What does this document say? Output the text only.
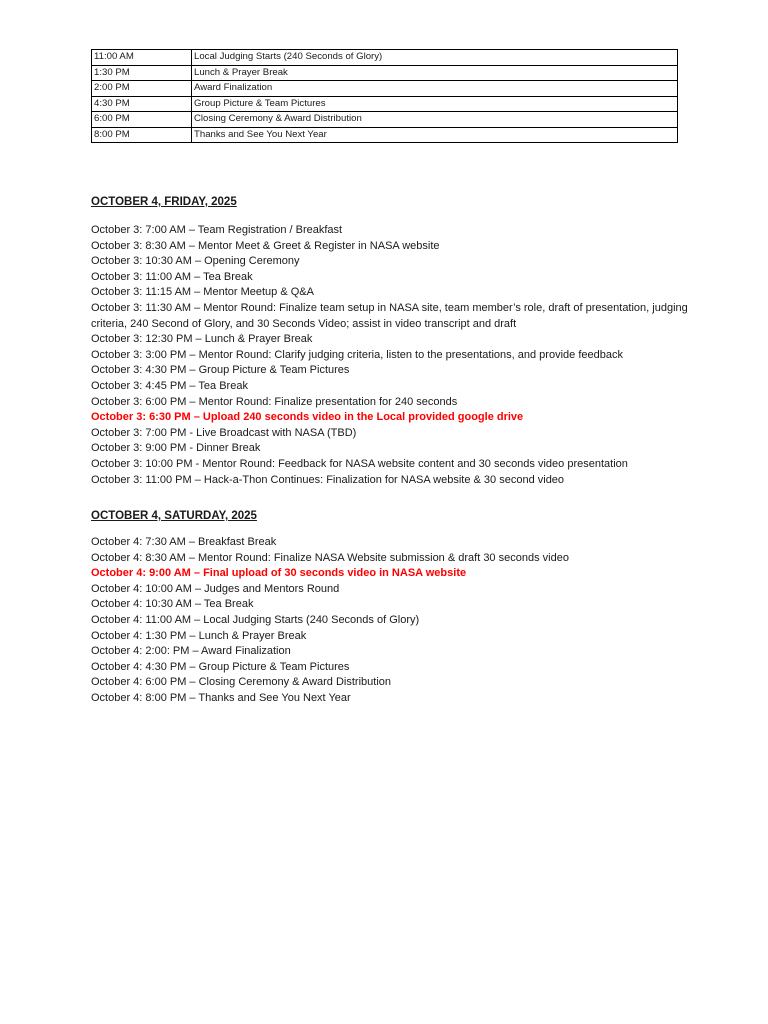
11:00 AM	Local Judging Starts (240 Seconds of Glory)
1:30 PM	Lunch & Prayer Break
2:00 PM	Award Finalization
4:30 PM	Group Picture & Team Pictures
6:00 PM	Closing Ceremony & Award Distribution
8:00 PM	Thanks and See You Next Year
OCTOBER 4, FRIDAY, 2025
October 3: 7:00 AM – Team Registration / Breakfast
October 3: 8:30 AM – Mentor Meet & Greet & Register in NASA website
October 3: 10:30 AM – Opening Ceremony
October 3: 11:00 AM – Tea Break
October 3: 11:15 AM – Mentor Meetup & Q&A
October 3: 11:30 AM – Mentor Round: Finalize team setup in NASA site, team member’s role, draft of presentation, judging criteria, 240 Second of Glory, and 30 Seconds Video; assist in video transcript and draft
October 3: 12:30 PM – Lunch & Prayer Break
October 3: 3:00 PM – Mentor Round: Clarify judging criteria, listen to the presentations, and provide feedback
October 3: 4:30 PM – Group Picture & Team Pictures
October 3: 4:45 PM – Tea Break
October 3: 6:00 PM – Mentor Round: Finalize presentation for 240 seconds
October 3: 6:30 PM – Upload 240 seconds video in the Local provided google drive
October 3: 7:00 PM - Live Broadcast with NASA (TBD)
October 3: 9:00 PM - Dinner Break
October 3: 10:00 PM - Mentor Round: Feedback for NASA website content and 30 seconds video presentation
October 3: 11:00 PM – Hack-a-Thon Continues: Finalization for NASA website & 30 second video
OCTOBER 4, SATURDAY, 2025
October 4: 7:30 AM – Breakfast Break
October 4: 8:30 AM – Mentor Round: Finalize NASA Website submission & draft 30 seconds video
October 4: 9:00 AM – Final upload of 30 seconds video in NASA website
October 4: 10:00 AM – Judges and Mentors Round
October 4: 10:30 AM – Tea Break
October 4: 11:00 AM – Local Judging Starts (240 Seconds of Glory)
October 4: 1:30 PM – Lunch & Prayer Break
October 4: 2:00: PM – Award Finalization
October 4: 4:30 PM – Group Picture & Team Pictures
October 4: 6:00 PM – Closing Ceremony & Award Distribution
October 4: 8:00 PM – Thanks and See You Next Year
